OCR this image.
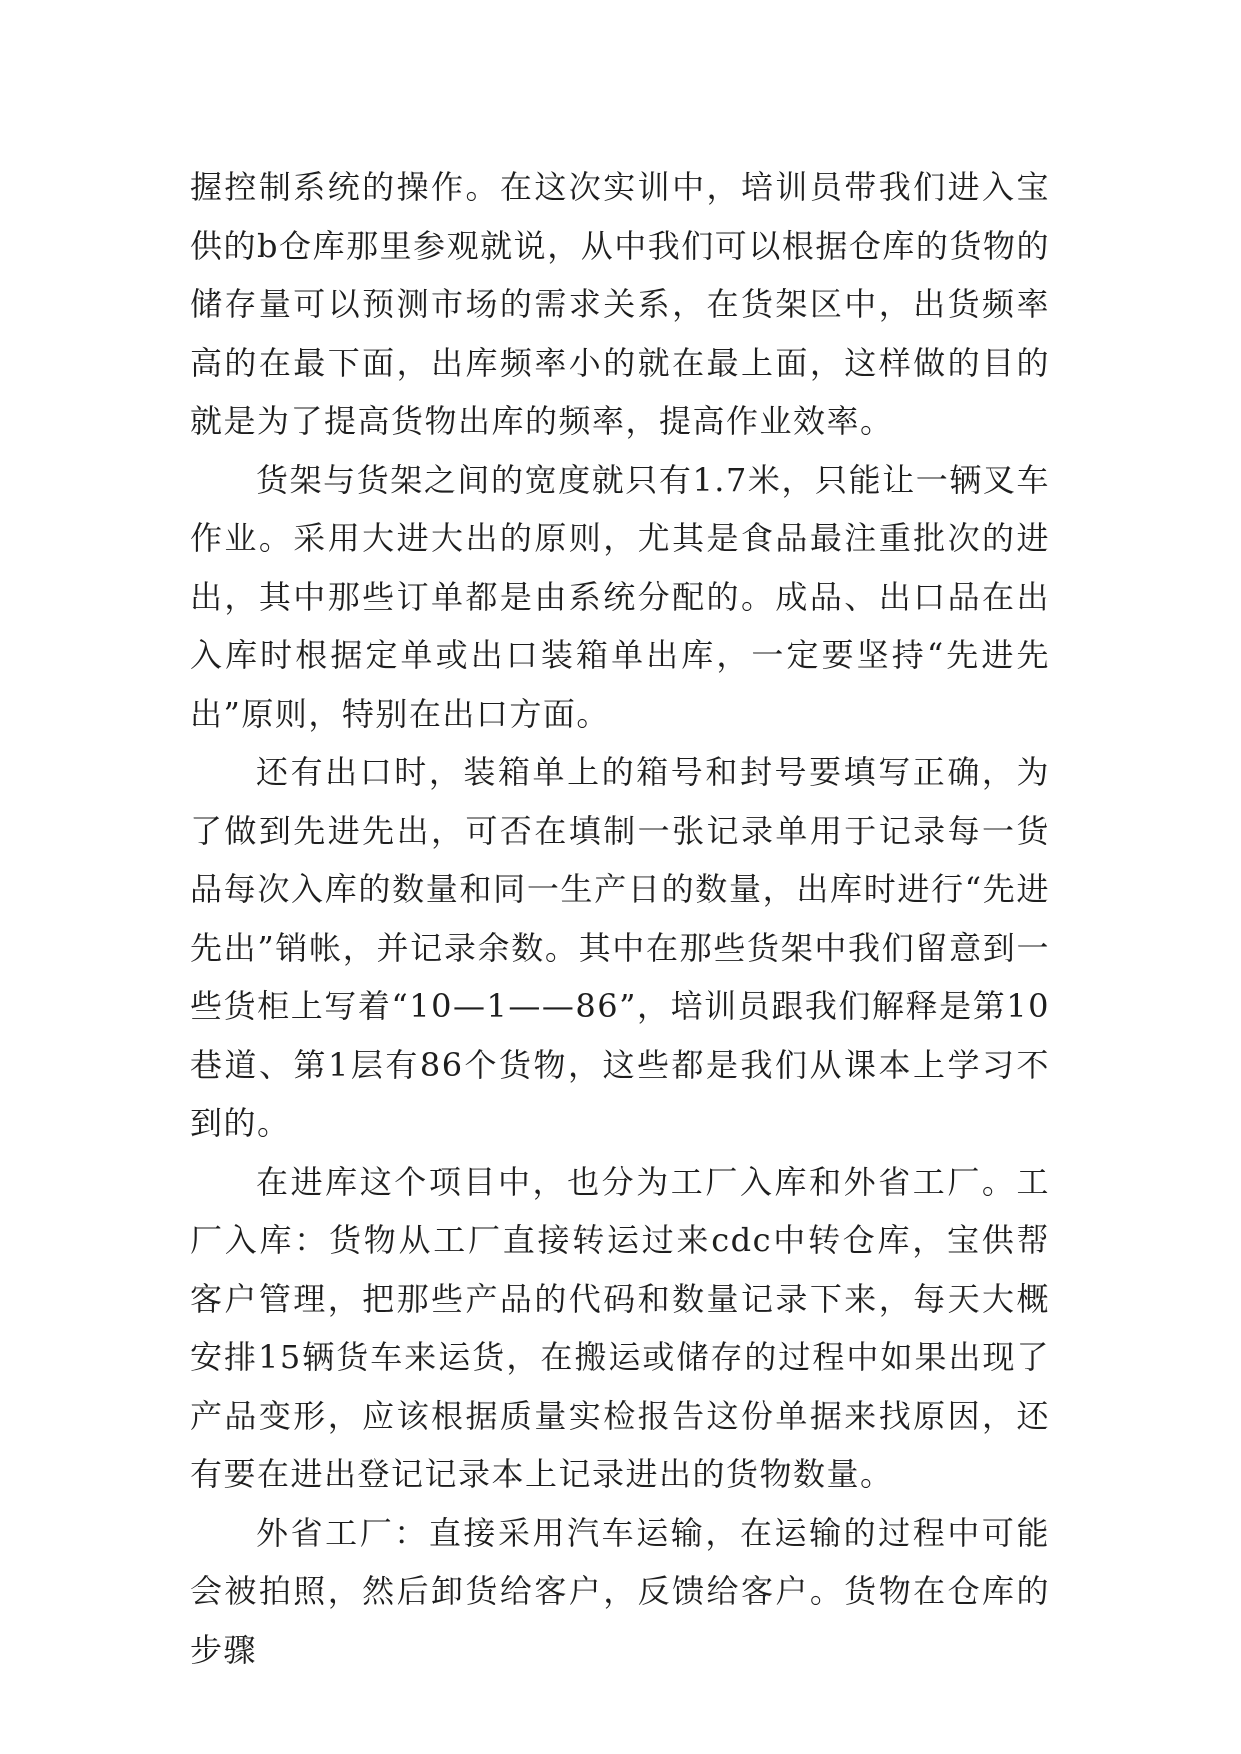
握控制系统的操作。在这次实训中，培训员带我们进入宝供的b仓库那里参观就说，从中我们可以根据仓库的货物的储存量可以预测市场的需求关系，在货架区中，出货频率高的在最下面，出库频率小的就在最上面，这样做的目的就是为了提高货物出库的频率，提高作业效率。

货架与货架之间的宽度就只有1.7米，只能让一辆叉车作业。采用大进大出的原则，尤其是食品最注重批次的进出，其中那些订单都是由系统分配的。成品、出口品在出入库时根据定单或出口装箱单出库，一定要坚持“先进先出”原则，特别在出口方面。

还有出口时，装箱单上的箱号和封号要填写正确，为了做到先进先出，可否在填制一张记录单用于记录每一货品每次入库的数量和同一生产日的数量，出库时进行“先进先出”销帐，并记录余数。其中在那些货架中我们留意到一些货柜上写着“10—1——86”，培训员跟我们解释是第10巷道、第1层有86个货物，这些都是我们从课本上学习不到的。

在进库这个项目中，也分为工厂入库和外省工厂。工厂入库：货物从工厂直接转运过来cdc中转仓库，宝供帮客户管理，把那些产品的代码和数量记录下来，每天大概安排15辆货车来运货，在搬运或储存的过程中如果出现了产品变形，应该根据质量实检报告这份单据来找原因，还有要在进出登记记录本上记录进出的货物数量。

外省工厂：直接采用汽车运输，在运输的过程中可能会被拍照，然后卸货给客户，反馈给客户。货物在仓库的步骤
